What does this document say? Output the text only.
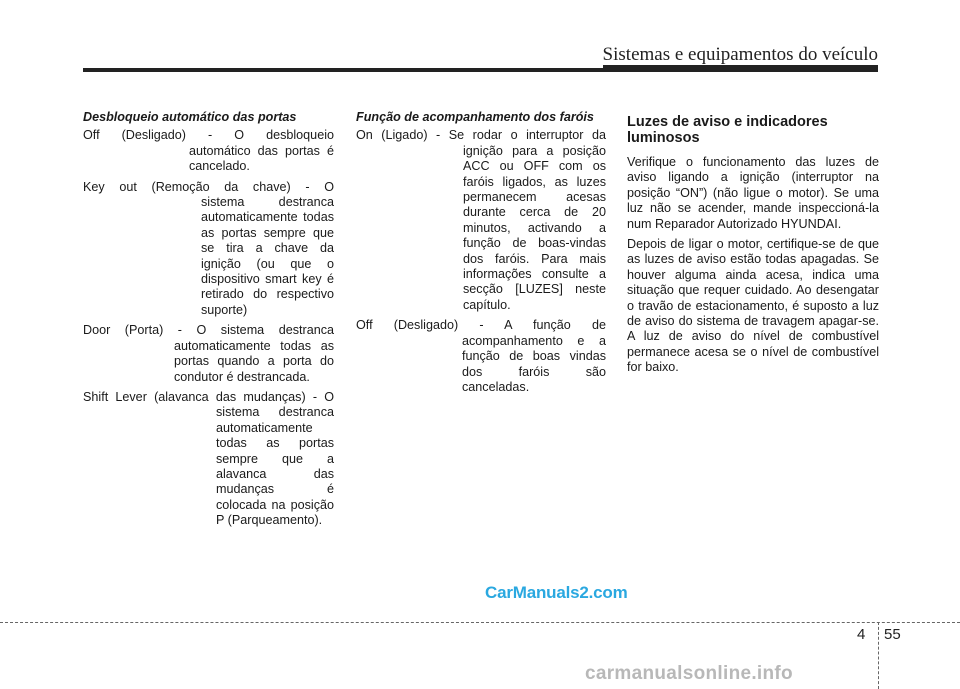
Sistemas e equipamentos do veículo
Desbloqueio automático das portas
Off (Desligado) - O desbloqueio
automático das portas é cancelado.
Key out (Remoção da chave) - O
sistema destranca automaticamente todas as portas sempre que se tira a chave da ignição (ou que o dispositivo smart key é retirado do respectivo suporte)
Door (Porta) - O sistema destranca
automaticamente todas as portas quando a porta do condutor é destrancada.
Shift Lever (alavanca das mudanças) - O
sistema destranca automaticamente todas as portas sempre que a alavanca das mudanças é colocada na posição P (Parqueamento).
Função de acompanhamento dos faróis
On (Ligado) - Se rodar o interruptor da
ignição para a posição ACC ou OFF com os faróis ligados, as luzes permanecem acesas durante cerca de 20 minutos, activando a função de boas-vindas dos faróis. Para mais informações consulte a secção [LUZES] neste capítulo.
Off (Desligado) - A função de
acompanhamento e a função de boas vindas dos faróis são canceladas.
Luzes de aviso e indicadores luminosos

Verifique o funcionamento das luzes de aviso ligando a ignição (interruptor na posição “ON”) (não ligue o motor). Se uma luz não se acender, mande inspeccioná-la num Reparador Autorizado HYUNDAI.

Depois de ligar o motor, certifique-se de que as luzes de aviso estão todas apagadas. Se houver alguma ainda acesa, indica uma situação que requer cuidado. Ao desengatar o travão de estacionamento, é suposto a luz de aviso do sistema de travagem apagar-se. A luz de aviso do nível de combustível permanece acesa se o nível de combustível for baixo.

CarManuals2.com
4 55
carmanualsonline.info
